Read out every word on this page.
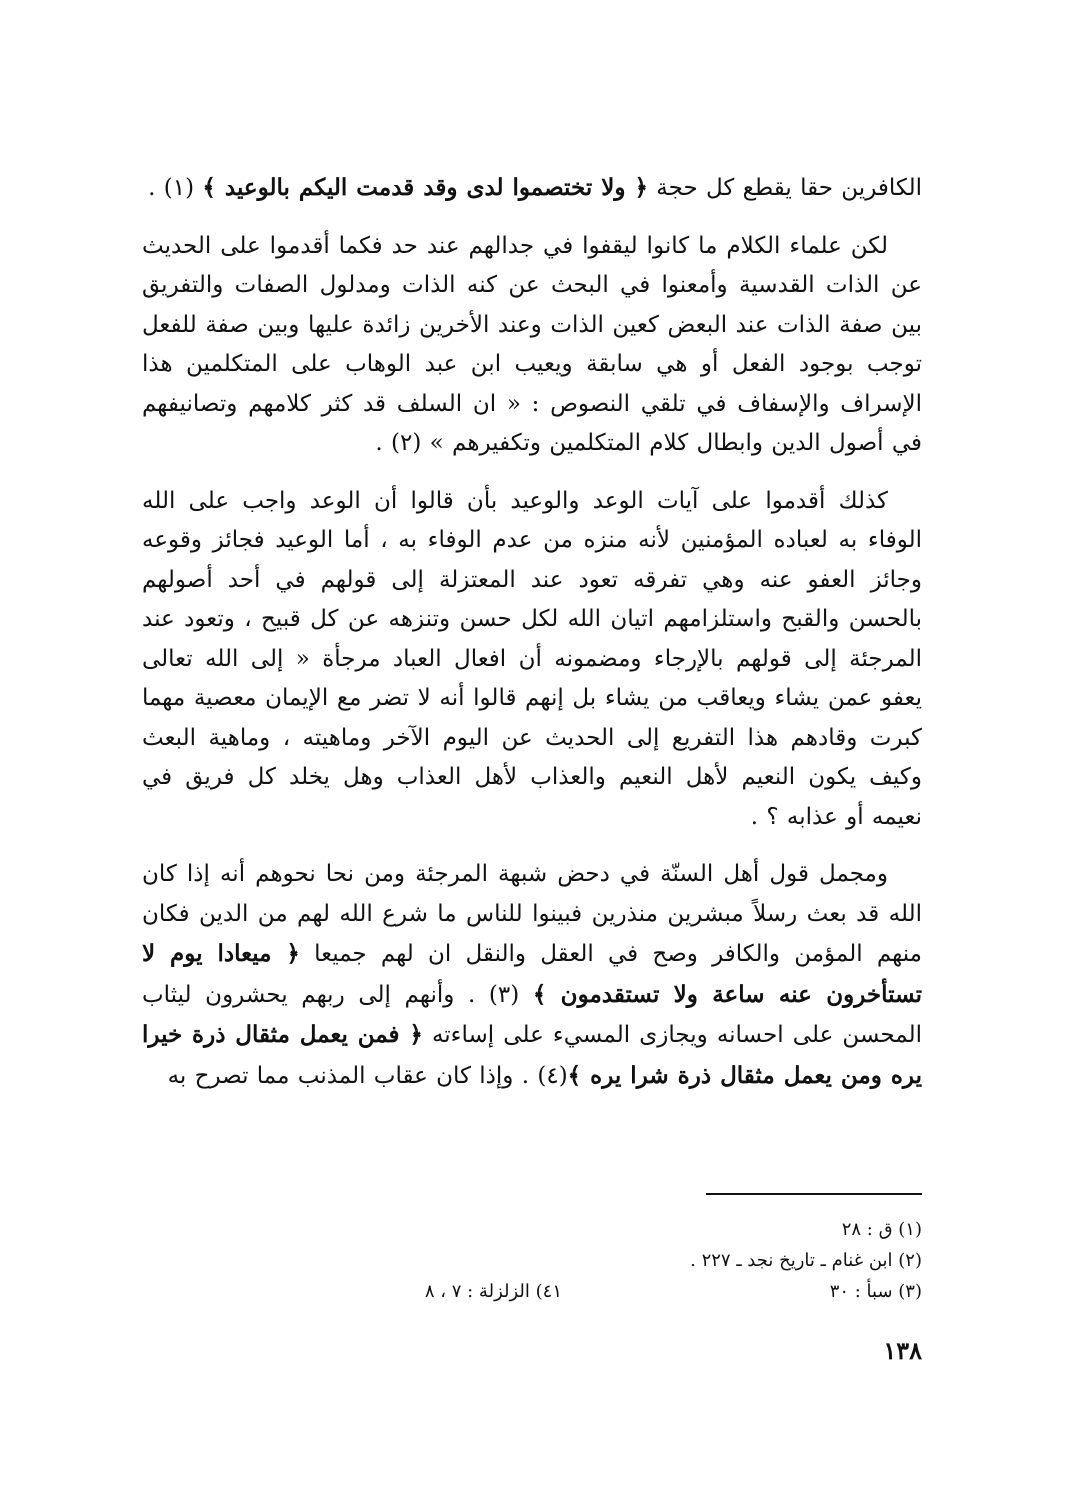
الكافرين حقا يقطع كل حجة ﴿ ولا تختصموا لدى وقد قدمت اليكم بالوعيد ﴾ (١) .

لكن علماء الكلام ما كانوا ليقفوا في جدالهم عند حد فكما أقدموا على الحديث عن الذات القدسية وأمعنوا في البحث عن كنه الذات ومدلول الصفات والتفريق بين صفة الذات عند البعض كعين الذات وعند الأخرين زائدة عليها وبين صفة للفعل توجب بوجود الفعل أو هي سابقة ويعيب ابن عبد الوهاب على المتكلمين هذا الإسراف والإسفاف في تلقي النصوص : « ان السلف قد كثر كلامهم وتصانيفهم في أصول الدين وابطال كلام المتكلمين وتكفيرهم » (٢) .

كذلك أقدموا على آيات الوعد والوعيد بأن قالوا أن الوعد واجب على الله الوفاء به لعباده المؤمنين لأنه منزه من عدم الوفاء به ، أما الوعيد فجائز وقوعه وجائز العفو عنه وهي تفرقه تعود عند المعتزلة إلى قولهم في أحد أصولهم بالحسن والقبح واستلزامهم اتيان الله لكل حسن وتنزهه عن كل قبيح ، وتعود عند المرجئة إلى قولهم بالإرجاء ومضمونه أن افعال العباد مرجأة « إلى الله تعالى يعفو عمن يشاء ويعاقب من يشاء بل إنهم قالوا أنه لا تضر مع الإيمان معصية مهما كبرت وقادهم هذا التفريع إلى الحديث عن اليوم الآخر وماهيته ، وماهية البعث وكيف يكون النعيم لأهل النعيم والعذاب لأهل العذاب وهل يخلد كل فريق في نعيمه أو عذابه ؟ .

ومجمل قول أهل السنّة في دحض شبهة المرجئة ومن نحا نحوهم أنه إذا كان الله قد بعث رسلاً مبشرين منذرين فبينوا للناس ما شرع الله لهم من الدين فكان منهم المؤمن والكافر وصح في العقل والنقل ان لهم جميعا ﴿ ميعادا يوم لا تستأخرون عنه ساعة ولا تستقدمون ﴾ (٣) . وأنهم إلى ربهم يحشرون ليثاب المحسن على احسانه ويجازى المسيء على إساءته ﴿ فمن يعمل مثقال ذرة خيرا يره ومن يعمل مثقال ذرة شرا يره ﴾(٤) . وإذا كان عقاب المذنب مما تصرح به

(١) ق : ٢٨
(٢) ابن غنام ـ تاريخ نجد ـ ٢٢٧ .
(٣) سبأ : ٣٠
٤١) الزلزلة : ٧ ، ٨
١٣٨
